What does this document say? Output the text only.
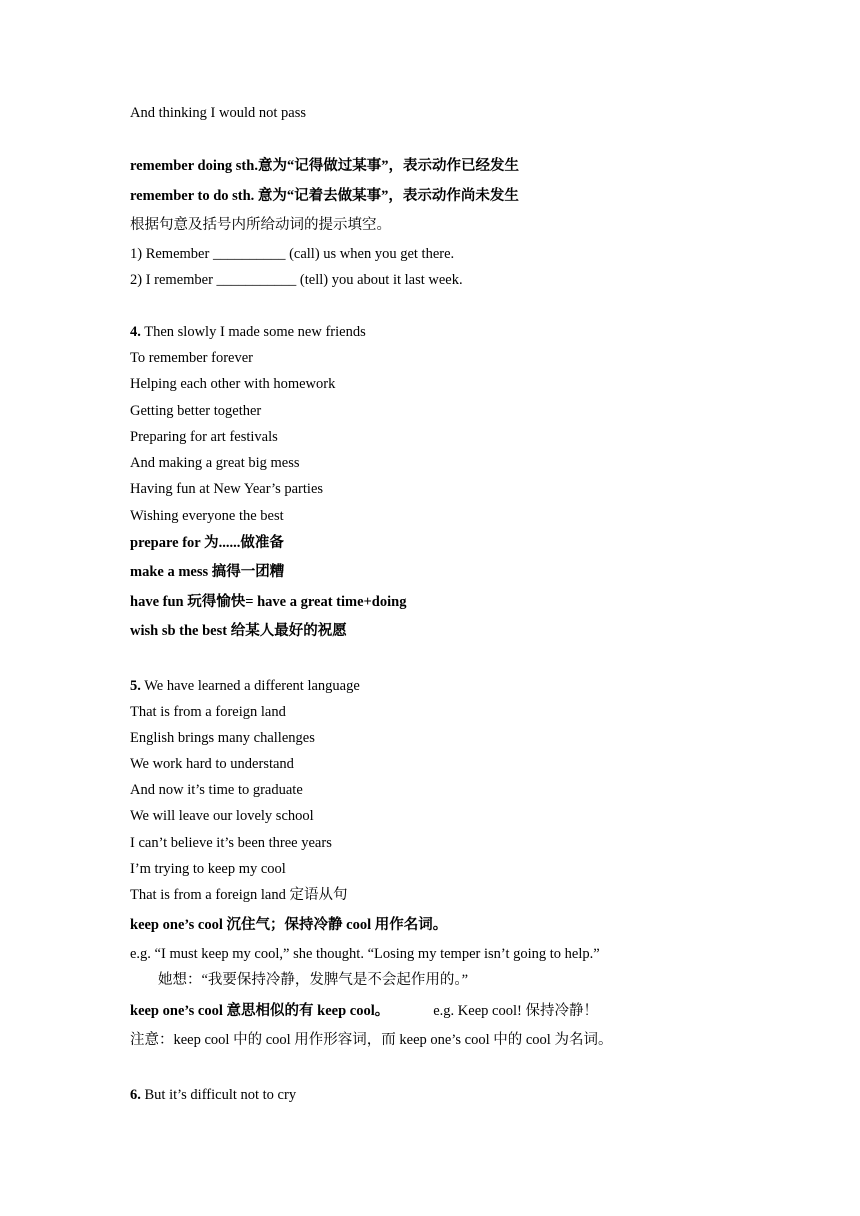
And thinking I would not pass
remember doing sth.意为“记得做过某事”，表示动作已经发生
remember to do sth. 意为“记着去做某事”，表示动作尚未发生
根据句意及括号内所给动词的提示填空。
1) Remember __________ (call) us when you get there.
2) I remember ___________ (tell) you about it last week.
4. Then slowly I made some new friends
To remember forever
Helping each other with homework
Getting better together
Preparing for art festivals
And making a great big mess
Having fun at New Year’s parties
Wishing everyone the best
prepare for 为......做准备
make a mess 搞得一团糟
have fun 玩得愉快= have a great time+doing
wish sb the best 给某人最好的祝愿
5. We have learned a different language
That is from a foreign land
English brings many challenges
We work hard to understand
And now it’s time to graduate
We will leave our lovely school
I can’t believe it’s been three years
I’m trying to keep my cool
That is from a foreign land 定语从句
keep one’s cool 沉住气；保持冷静 cool 用作名词。
e.g. “I must keep my cool,” she thought. “Losing my temper isn’t going to help.”
她想：“我要保持冷静，发脾气是不会起作用的。”
keep one’s cool 意思相似的有 keep cool。	e.g. Keep cool! 保持冷静！
注意：keep cool 中的 cool 用作形容词，而 keep one’s cool 中的 cool 为名词。
6. But it’s difficult not to cry
